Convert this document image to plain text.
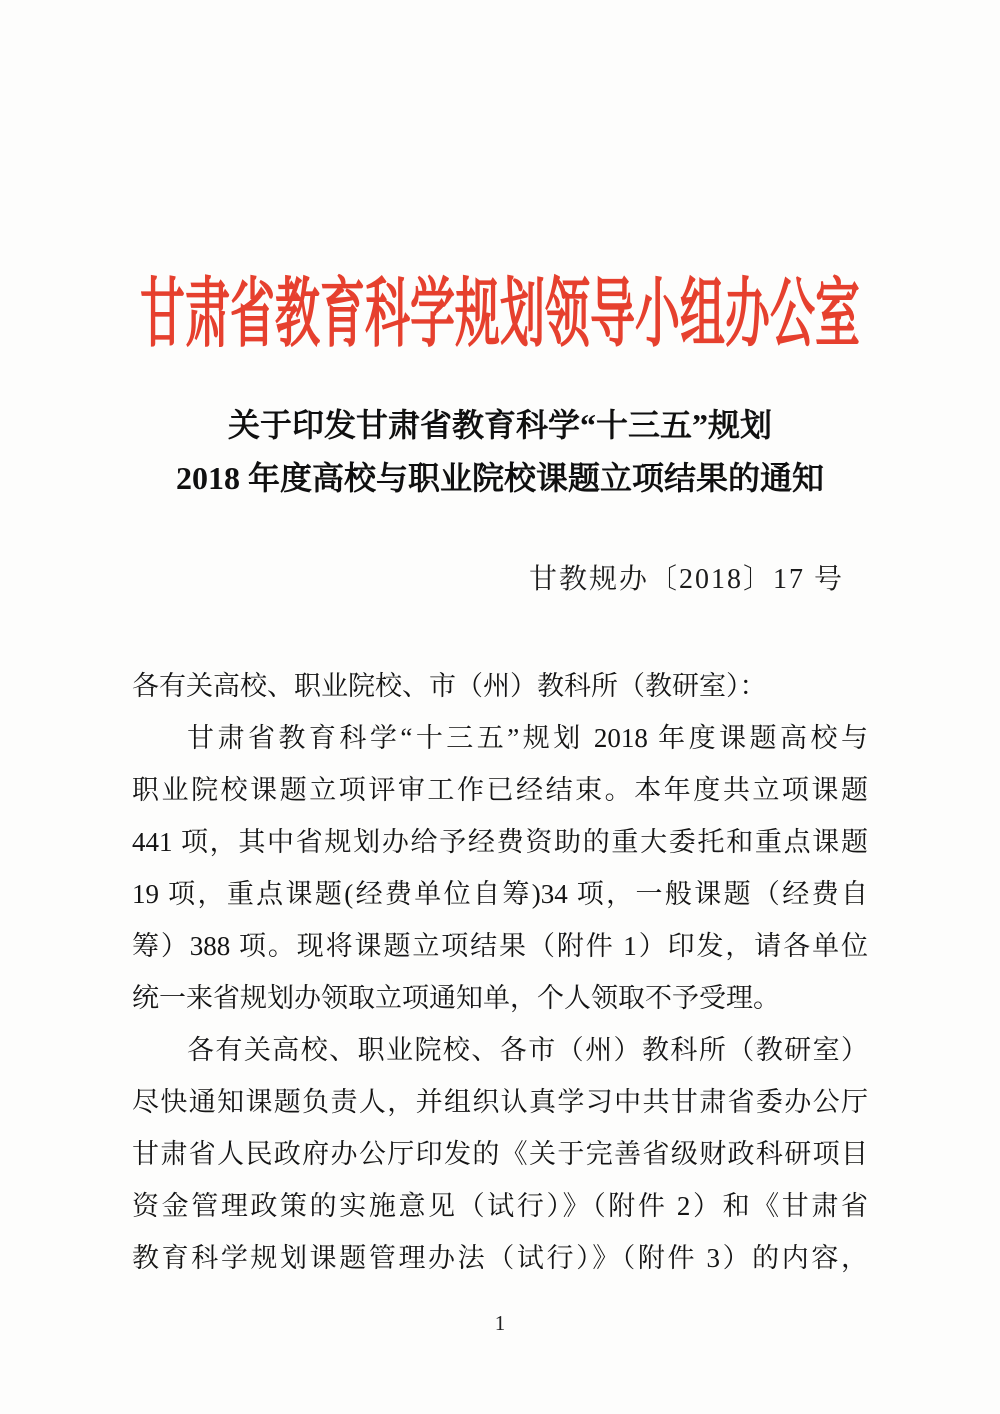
甘肃省教育科学规划领导小组办公室
关于印发甘肃省教育科学“十三五”规划
2018 年度高校与职业院校课题立项结果的通知
甘教规办〔2018〕17 号
各有关高校、职业院校、市（州）教科所（教研室）：
甘肃省教育科学“十三五”规划 2018 年度课题高校与
职业院校课题立项评审工作已经结束。本年度共立项课题
441 项，其中省规划办给予经费资助的重大委托和重点课题
19 项，重点课题(经费单位自筹)34 项，一般课题（经费自
筹）388 项。现将课题立项结果（附件 1）印发，请各单位
统一来省规划办领取立项通知单，个人领取不予受理。
各有关高校、职业院校、各市（州）教科所（教研室）
尽快通知课题负责人，并组织认真学习中共甘肃省委办公厅
甘肃省人民政府办公厅印发的《关于完善省级财政科研项目
资金管理政策的实施意见（试行）》（附件 2）和《甘肃省
教育科学规划课题管理办法（试行）》（附件 3）的内容，
1
